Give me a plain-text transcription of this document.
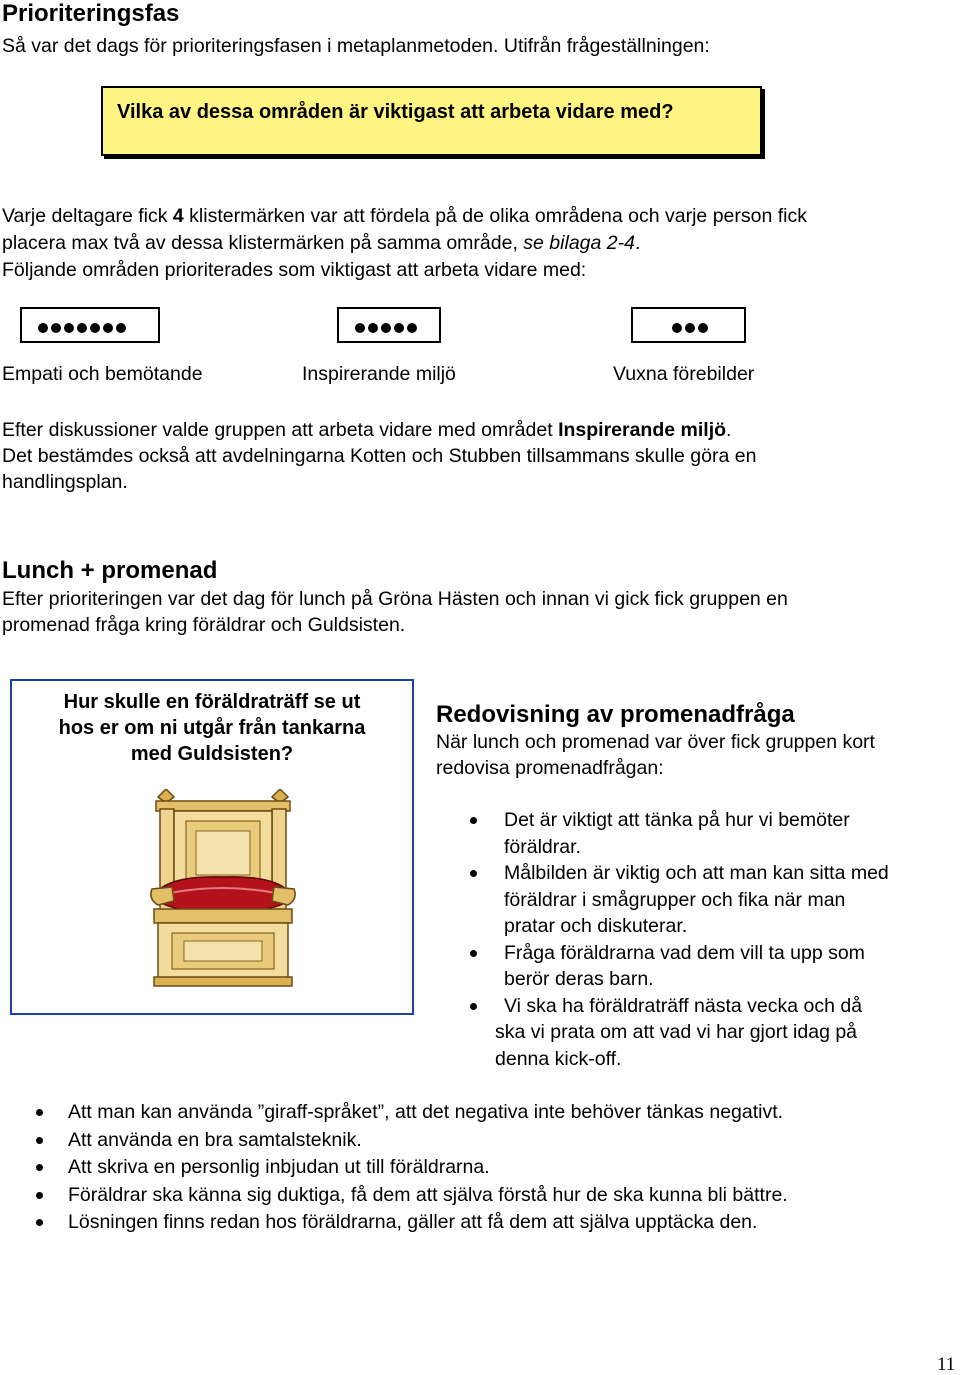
Prioriteringsfas
Så var det dags för prioriteringsfasen i metaplanmetoden. Utifrån frågeställningen:
Vilka av dessa områden är viktigast att arbeta vidare med?
Varje deltagare fick 4 klistermärken var att fördela på de olika områdena och varje person fick
placera max två av dessa klistermärken på samma område, se bilaga 2-4.
Följande områden prioriterades som viktigast att arbeta vidare med:
Empati och bemötande	Inspirerande miljö	Vuxna förebilder
Efter diskussioner valde gruppen att arbeta vidare med området Inspirerande miljö.
Det bestämdes också att avdelningarna Kotten och Stubben tillsammans skulle göra en
handlingsplan.
Lunch + promenad
Efter prioriteringen var det dag för lunch på Gröna Hästen och innan vi gick fick gruppen en
promenad fråga kring föräldrar och Guldsisten.
Hur skulle en föräldraträff se ut
hos er om ni utgår från tankarna
med Guldsisten?
Redovisning av promenadfråga
När lunch och promenad var över fick gruppen kort
redovisa promenadfrågan:
Det är viktigt att tänka på hur vi bemöter
föräldrar.
Målbilden är viktig och att man kan sitta med
föräldrar i smågrupper och fika när man
pratar och diskuterar.
Fråga föräldrarna vad dem vill ta upp som
berör deras barn.
Vi ska ha föräldraträff nästa vecka och då
ska vi prata om att vad vi har gjort idag på
denna kick-off.
Att man kan använda ”giraff-språket”, att det negativa inte behöver tänkas negativt.
Att använda en bra samtalsteknik.
Att skriva en personlig inbjudan ut till föräldrarna.
Föräldrar ska känna sig duktiga, få dem att själva förstå hur de ska kunna bli bättre.
Lösningen finns redan hos föräldrarna, gäller att få dem att själva upptäcka den.
11
